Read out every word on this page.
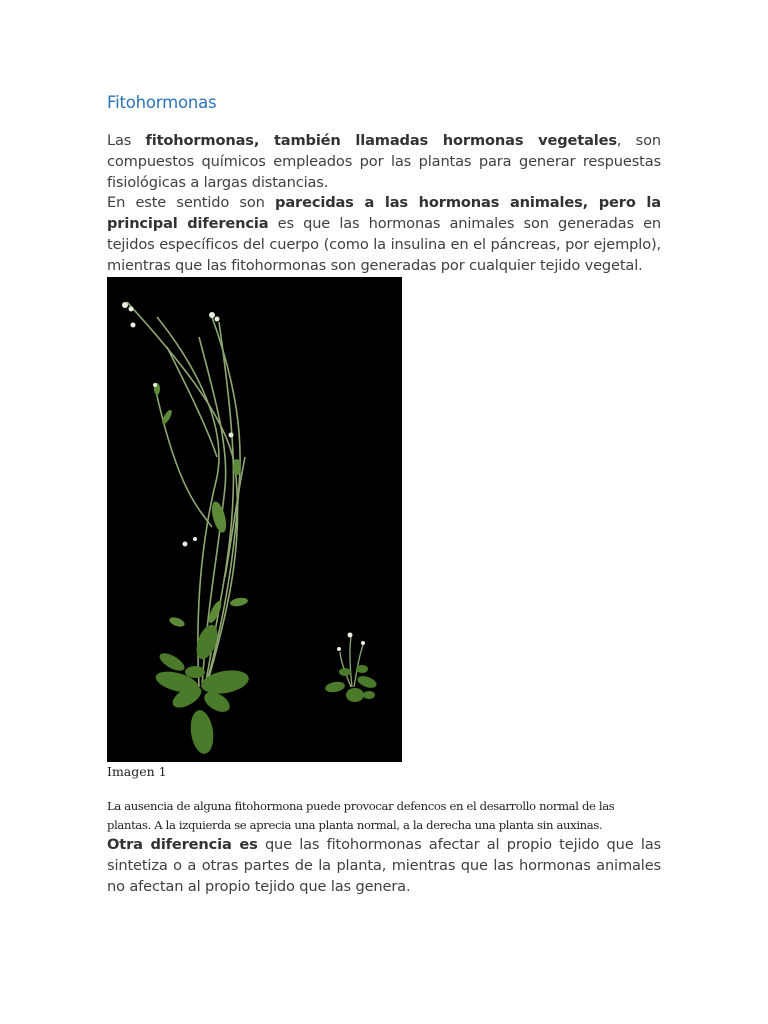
Fitohormonas

Las fitohormonas, también llamadas hormonas vegetales, son compuestos químicos empleados por las plantas para generar respuestas fisiológicas a largas distancias.

En este sentido son parecidas a las hormonas animales, pero la principal diferencia es que las hormonas animales son generadas en tejidos específicos del cuerpo (como la insulina en el páncreas, por ejemplo), mientras que las fitohormonas son generadas por cualquier tejido vegetal.

Imagen 1
La ausencia de alguna fitohormona puede provocar defencos en el desarrollo normal de las plantas. A la izquierda se aprecia una planta normal, a la derecha una planta sin auxinas.

Otra diferencia es que las fitohormonas afectar al propio tejido que las sintetiza o a otras partes de la planta, mientras que las hormonas animales no afectan al propio tejido que las genera.
